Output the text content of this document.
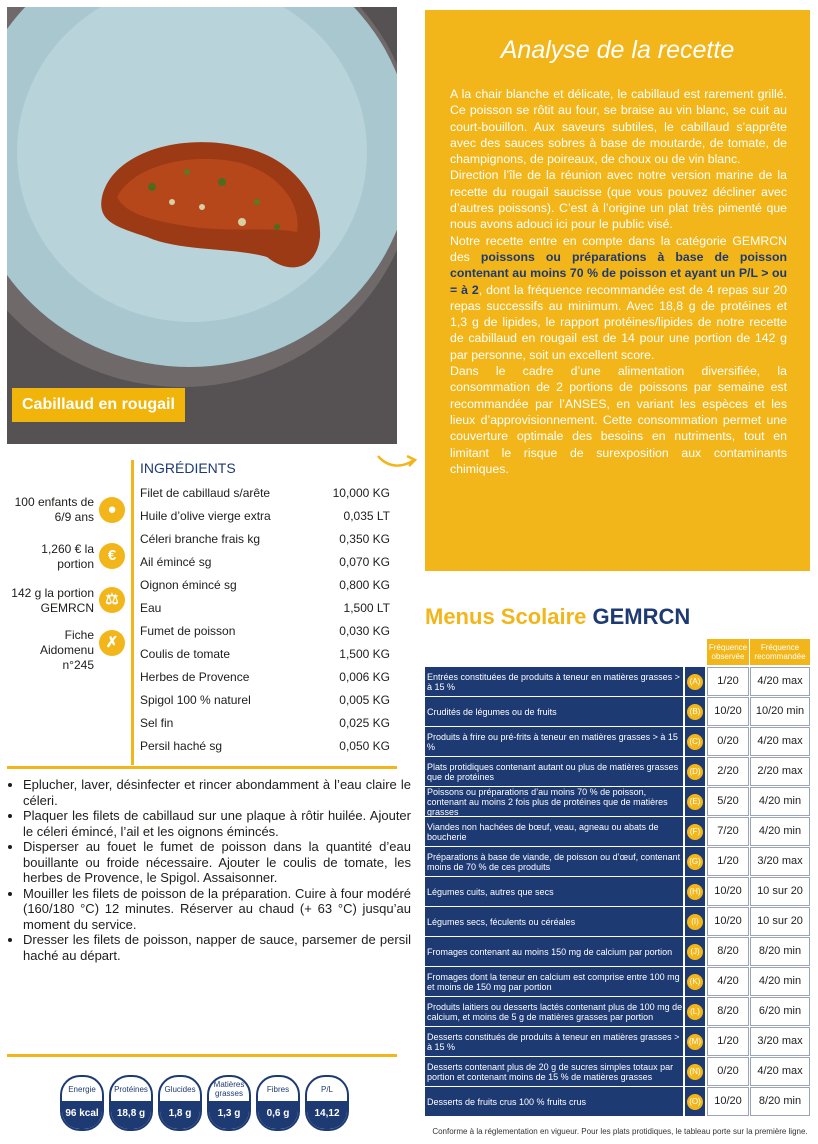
Cabillaud en rougail
Analyse de la recette

A la chair blanche et délicate, le cabillaud est rarement grillé. Ce poisson se rôtit au four, se braise au vin blanc, se cuit au court-bouillon. Aux saveurs subtiles, le cabillaud s’apprête avec des sauces sobres à base de moutarde, de tomate, de champignons, de poireaux, de choux ou de vin blanc.

Direction l’île de la réunion avec notre version marine de la recette du rougail saucisse (que vous pouvez décliner avec d’autres poissons). C’est à l’origine un plat très pimenté que nous avons adouci ici pour le public visé.

Notre recette entre en compte dans la catégorie GEMRCN des poissons ou préparations à base de poisson contenant au moins 70 % de poisson et ayant un P/L > ou = à 2, dont la fréquence recommandée est de 4 repas sur 20 repas successifs au minimum. Avec 18,8 g de protéines et 1,3 g de lipides, le rapport protéines/lipides de notre recette de cabillaud en rougail est de 14 pour une portion de 142 g par personne, soit un excellent score.

Dans le cadre d’une alimentation diversifiée, la consommation de 2 portions de poissons par semaine est recommandée par l’ANSES, en variant les espèces et les lieux d’approvisionnement. Cette consommation permet une couverture optimale des besoins en nutriments, tout en limitant le risque de surexposition aux contaminants chimiques.

100 enfants de 6/9 ans ●
1,260 € la portion €
142 g la portion GEMRCN ⚖
Fiche Aidomenu n°245
✗
INGRÉDIENTS
Filet de cabillaud s/arête	10,000 KG
Huile d’olive vierge extra	0,035 LT
Céleri branche frais kg	0,350 KG
Ail émincé sg	0,070 KG
Oignon émincé sg	0,800 KG
Eau	1,500 LT
Fumet de poisson	0,030 KG
Coulis de tomate	1,500 KG
Herbes de Provence	0,006 KG
Spigol 100 % naturel	0,005 KG
Sel fin	0,025 KG
Persil haché sg	0,050 KG
• Eplucher, laver, désinfecter et rincer abondamment à l’eau claire le céleri.
• Plaquer les filets de cabillaud sur une plaque à rôtir huilée. Ajouter le céleri émincé, l’ail et les oignons émincés.
• Disperser au fouet le fumet de poisson dans la quantité d’eau bouillante ou froide nécessaire. Ajouter le coulis de tomate, les herbes de Provence, le Spigol. Assaisonner.
• Mouiller les filets de poisson de la préparation. Cuire à four modéré (160/180 °C) 12 minutes. Réserver au chaud (+ 63 °C) jusqu’au moment du service.
• Dresser les filets de poisson, napper de sauce, parsemer de persil haché au départ.
Energie
96 kcal
Protéines
18,8 g
Glucides
1,8 g
Matières grasses
1,3 g
Fibres
0,6 g
P/L
14,12
Menus Scolaire GEMRCN
Fréquence observée
Fréquence recommandée
Entrées constituées de produits à teneur en matières grasses > à 15 %
(A)	1/20	4/20 max
Crudités de légumes ou de fruits	(B)	10/20	10/20 min
Produits à frire ou pré-frits à teneur en matières grasses > à 15 %
(C)	0/20	4/20 max
Plats protidiques contenant autant ou plus de matières grasses que de protéines
(D)	2/20	2/20 max
Poissons ou préparations d’au moins 70 % de poisson, contenant au moins 2 fois plus de protéines que de matières grasses
(E)	5/20	4/20 min
Viandes non hachées de bœuf, veau, agneau ou abats de boucherie
(F)	7/20	4/20 min
Préparations à base de viande, de poisson ou d’œuf, contenant moins de 70 % de ces produits
(G)	1/20	3/20 max
Légumes cuits, autres que secs	(H)	10/20	10 sur 20
Légumes secs, féculents ou céréales	(I)	10/20	10 sur 20
Fromages contenant au moins 150 mg de calcium par portion	(J)	8/20	8/20 min
Fromages dont la teneur en calcium est comprise entre 100 mg et moins de 150 mg par portion
(K)	4/20	4/20 min
Produits laitiers ou desserts lactés contenant plus de 100 mg de calcium, et moins de 5 g de matières grasses par portion
(L)	8/20	6/20 min
Desserts constitués de produits à teneur en matières grasses > à 15 %
(M)	1/20	3/20 max
Desserts contenant plus de 20 g de sucres simples totaux par portion et contenant moins de 15 % de matières grasses
(N)	0/20	4/20 max
Desserts de fruits crus 100 % fruits crus	(O)	10/20	8/20 min
Conforme à la réglementation en vigueur. Pour les plats protidiques, le tableau porte sur la première ligne.
